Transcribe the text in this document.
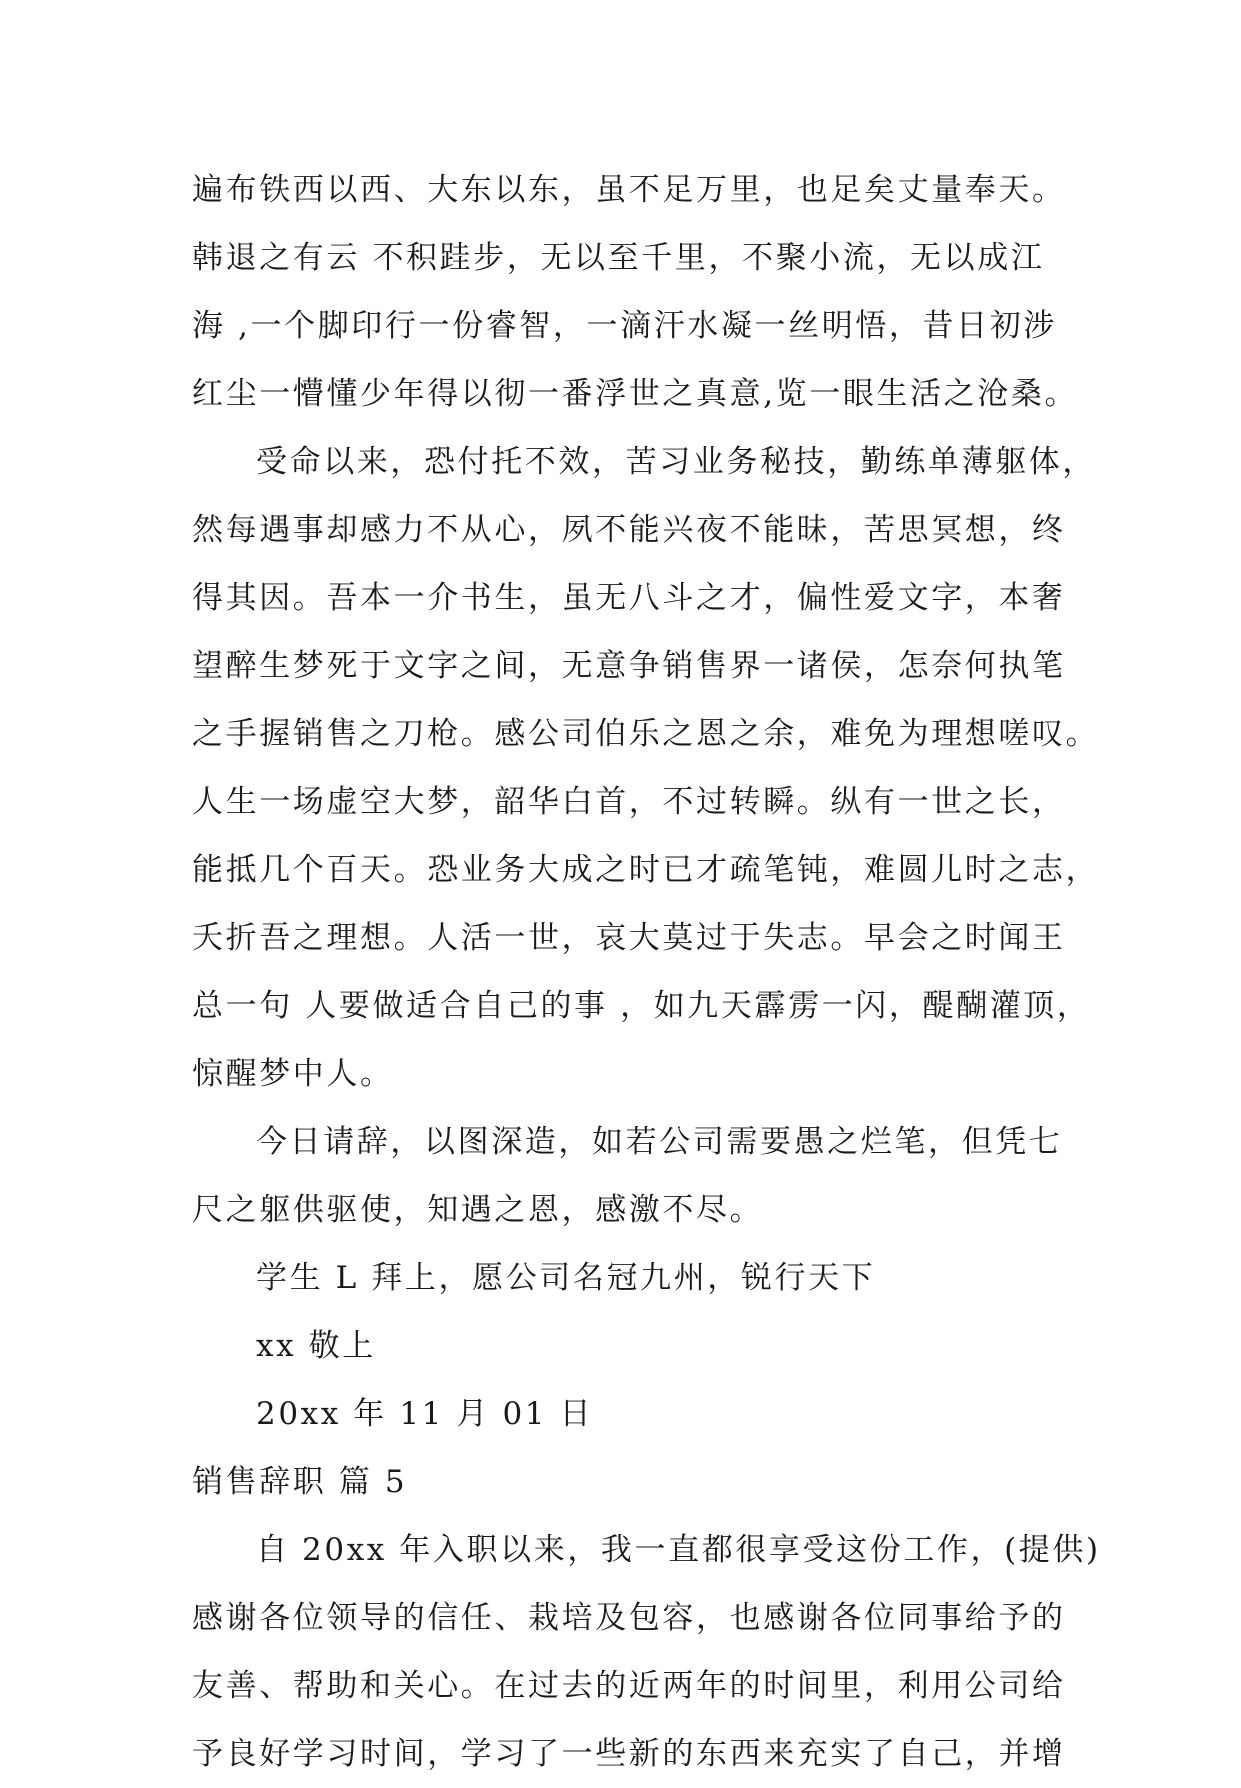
遍布铁西以西、大东以东，虽不足万里，也足矣丈量奉天。
韩退之有云 不积跬步，无以至千里，不聚小流，无以成江
海 ,一个脚印行一份睿智，一滴汗水凝一丝明悟，昔日初涉
红尘一懵懂少年得以彻一番浮世之真意,览一眼生活之沧桑。
受命以来，恐付托不效，苦习业务秘技，勤练单薄躯体，
然每遇事却感力不从心，夙不能兴夜不能昧，苦思冥想，终
得其因。吾本一介书生，虽无八斗之才，偏性爱文字，本奢
望醉生梦死于文字之间，无意争销售界一诸侯，怎奈何执笔
之手握销售之刀枪。感公司伯乐之恩之余，难免为理想嗟叹。
人生一场虚空大梦，韶华白首，不过转瞬。纵有一世之长，
能抵几个百天。恐业务大成之时已才疏笔钝，难圆儿时之志，
夭折吾之理想。人活一世，哀大莫过于失志。早会之时闻王
总一句 人要做适合自己的事 ，如九天霹雳一闪，醍醐灌顶，
惊醒梦中人。
今日请辞，以图深造，如若公司需要愚之烂笔，但凭七
尺之躯供驱使，知遇之恩，感激不尽。
学生 L 拜上，愿公司名冠九州，锐行天下
xx 敬上
20xx 年 11 月 01 日
销售辞职 篇 5
自 20xx 年入职以来，我一直都很享受这份工作，(提供)
感谢各位领导的信任、栽培及包容，也感谢各位同事给予的
友善、帮助和关心。在过去的近两年的时间里，利用公司给
予良好学习时间，学习了一些新的东西来充实了自己，并增
